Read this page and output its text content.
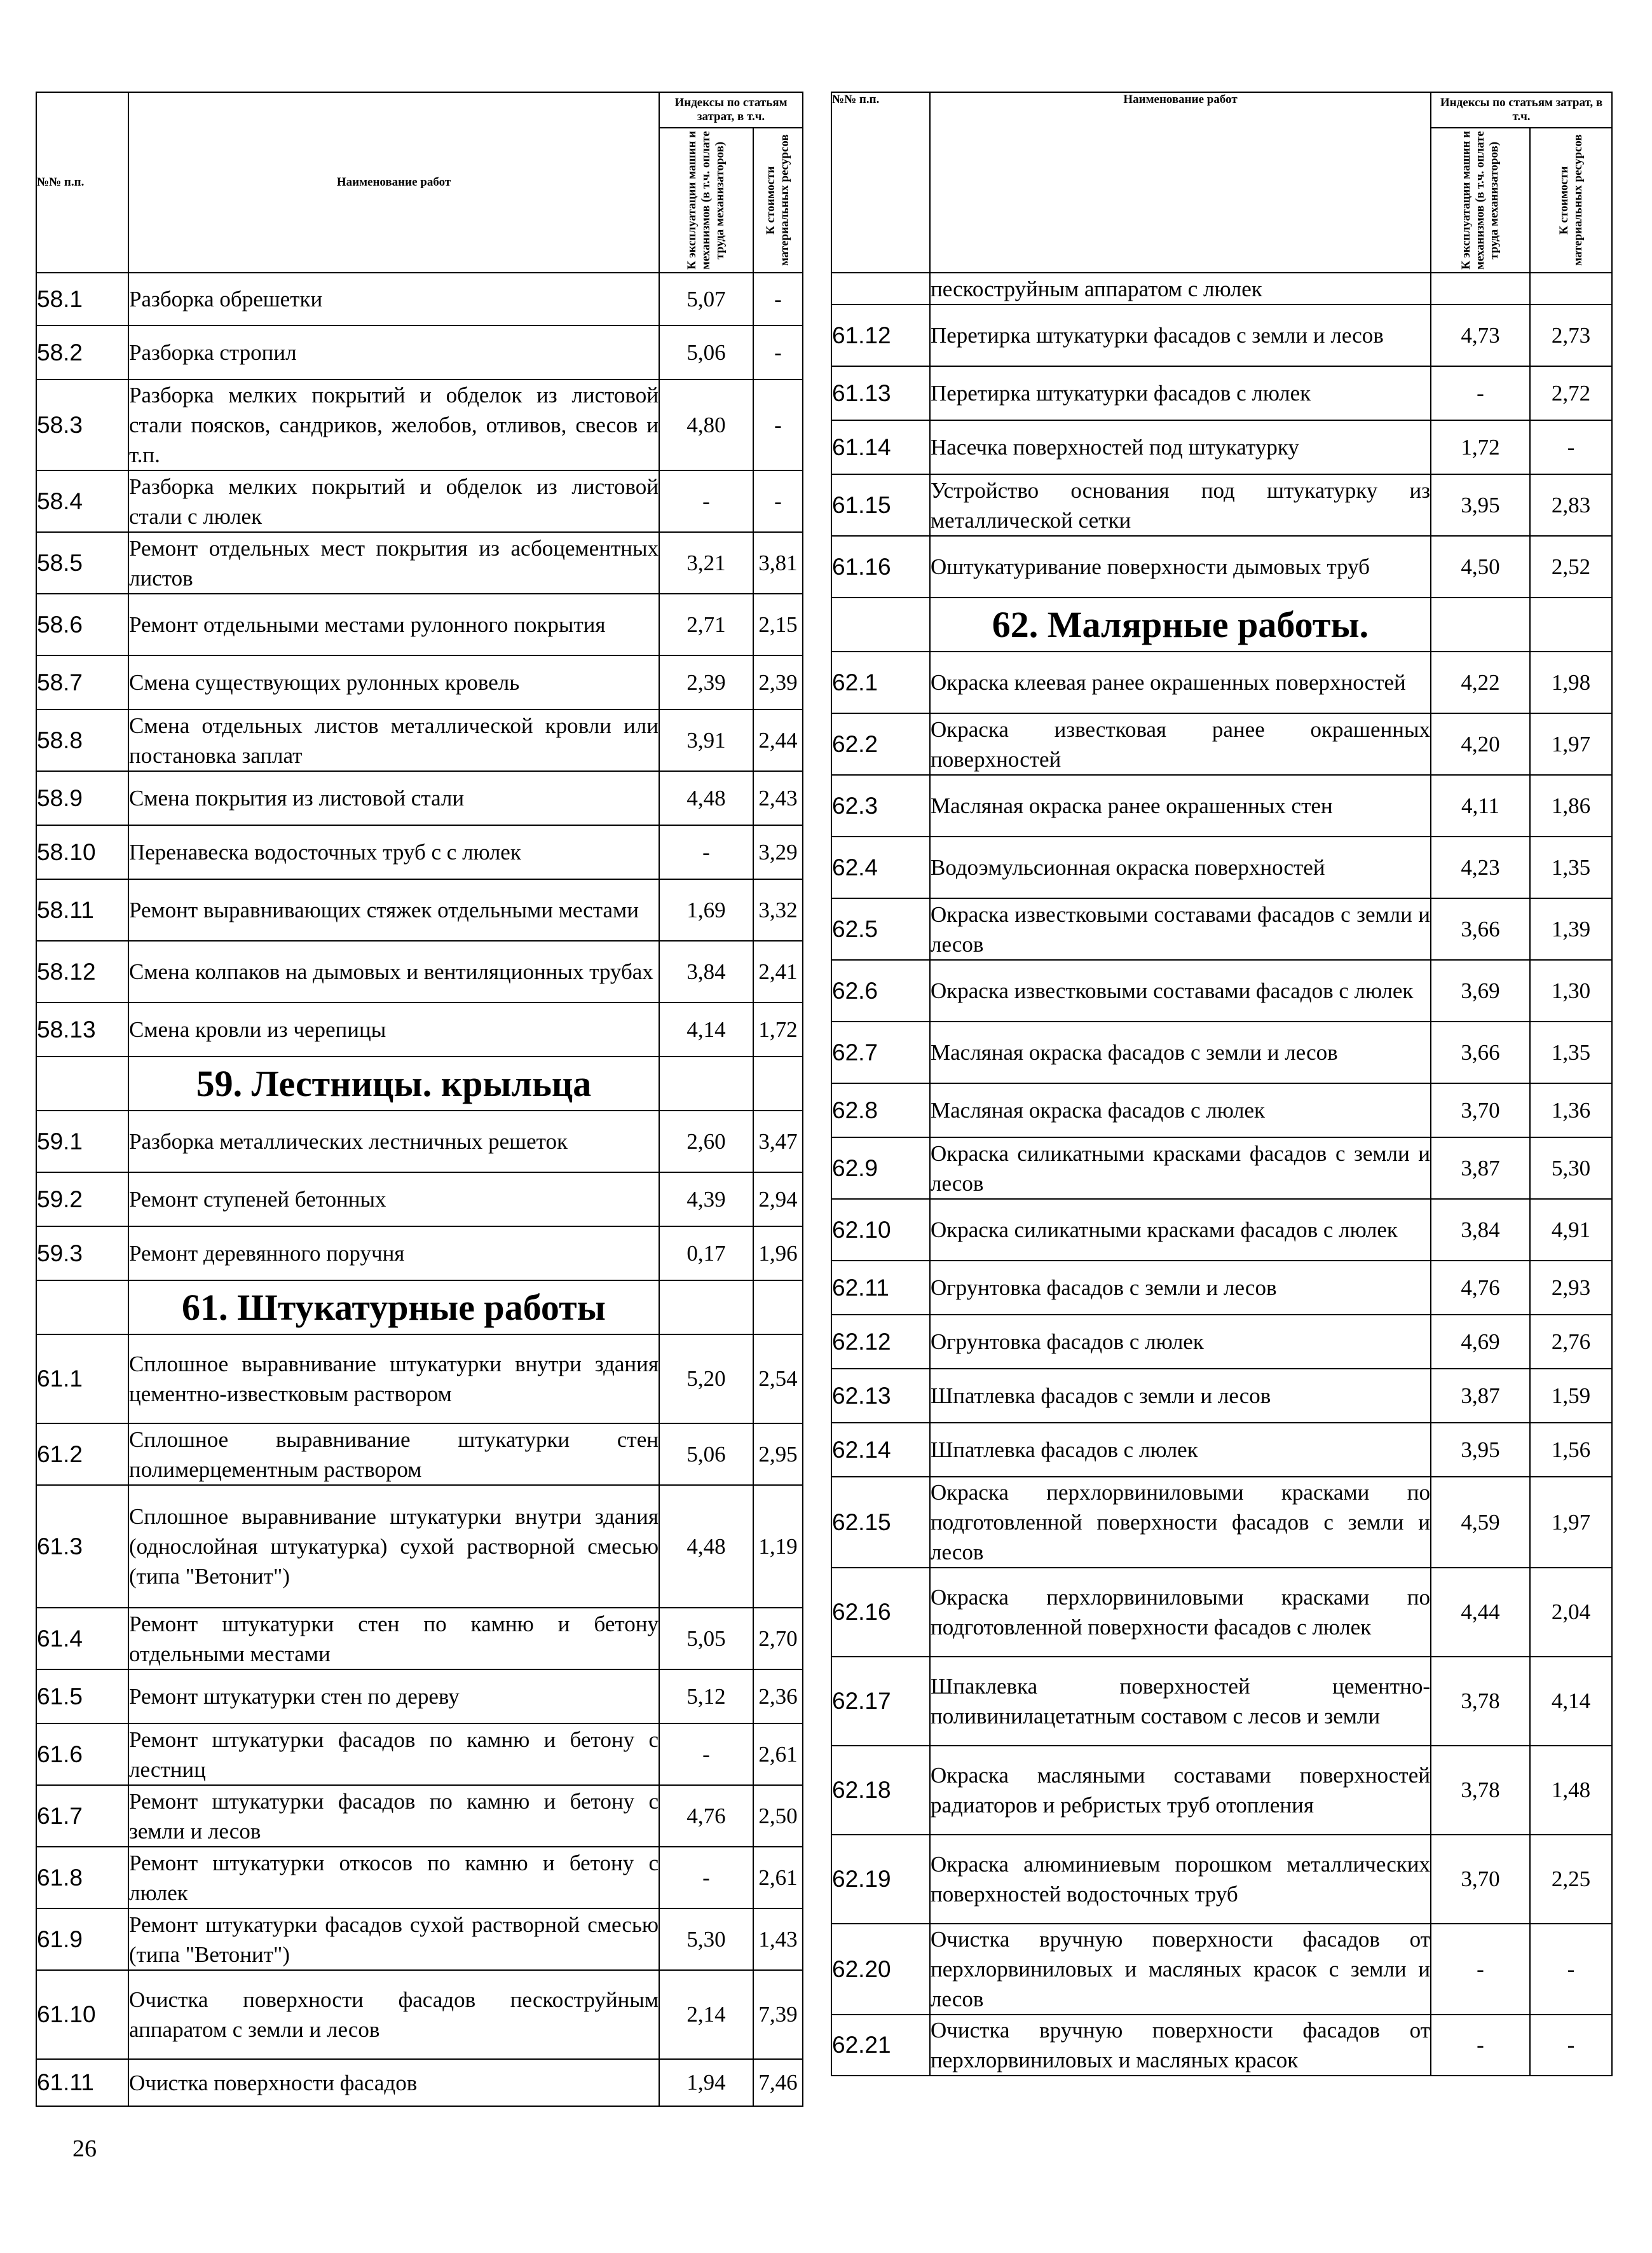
№№ п.п.	Наименование работ	Индексы по статьям затрат, в т.ч.	

		К эксплуатации машин и механизмов (в т.ч. оплате труда механизаторов)	К стоимости материальных ресурсов

58.1	Разборка обрешетки	5,07	-
58.2	Разборка стропил	5,06	-
58.3	Разборка мелких покрытий и обделок из листовой стали поясков, сандриков, желобов, отливов, свесов и т.п.	4,80	-
58.4	Разборка мелких покрытий и обделок из листовой стали с люлек	-	-
58.5	Ремонт отдельных мест покрытия из асбоцементных листов	3,21	3,81
58.6	Ремонт отдельными местами рулонного покрытия	2,71	2,15
58.7	Смена существующих рулонных кровель	2,39	2,39
58.8	Смена отдельных листов металлической кровли или постановка заплат	3,91	2,44
58.9	Смена покрытия из листовой стали	4,48	2,43
58.10	Перенавеска водосточных труб с с люлек	-	3,29
58.11	Ремонт выравнивающих стяжек отдельными местами	1,69	3,32
58.12	Смена колпаков на дымовых и вентиляционных трубах	3,84	2,41
58.13	Смена кровли из черепицы	4,14	1,72
	59. Лестницы. крыльца		
59.1	Разборка металлических лестничных решеток	2,60	3,47
59.2	Ремонт ступеней бетонных	4,39	2,94
59.3	Ремонт деревянного поручня	0,17	1,96
	61. Штукатурные работы		
61.1	Сплошное выравнивание штукатурки внутри здания цементно-известковым раствором	5,20	2,54
61.2	Сплошное выравнивание штукатурки стен полимерцементным раствором	5,06	2,95
61.3	Сплошное выравнивание штукатурки внутри здания (однослойная штукатурка) сухой растворной смесью (типа "Ветонит")	4,48	1,19
61.4	Ремонт штукатурки стен по камню и бетону отдельными местами	5,05	2,70
61.5	Ремонт штукатурки стен по дереву	5,12	2,36
61.6	Ремонт штукатурки фасадов по камню и бетону с лестниц	-	2,61
61.7	Ремонт штукатурки фасадов по камню и бетону с земли и лесов	4,76	2,50
61.8	Ремонт штукатурки откосов по камню и бетону с люлек	-	2,61
61.9	Ремонт штукатурки фасадов сухой растворной смесью (типа "Ветонит")	5,30	1,43
61.10	Очистка поверхности фасадов пескоструйным аппаратом с земли и лесов	2,14	7,39
61.11	Очистка поверхности фасадов	1,94	7,46
№№ п.п.	Наименование работ	Индексы по статьям затрат, в т.ч.	

		К эксплуатации машин и механизмов (в т.ч. оплате труда механизаторов)	К стоимости материальных ресурсов

	пескоструйным аппаратом с люлек		
61.12	Перетирка штукатурки фасадов с земли и лесов	4,73	2,73
61.13	Перетирка штукатурки фасадов с люлек	-	2,72
61.14	Насечка поверхностей под штукатурку	1,72	-
61.15	Устройство основания под штукатурку из металлической сетки	3,95	2,83
61.16	Оштукатуривание поверхности дымовых труб	4,50	2,52
	62. Малярные работы.		
62.1	Окраска клеевая ранее окрашенных поверхностей	4,22	1,98
62.2	Окраска известковая ранее окрашенных поверхностей	4,20	1,97
62.3	Масляная окраска ранее окрашенных стен	4,11	1,86
62.4	Водоэмульсионная окраска поверхностей	4,23	1,35
62.5	Окраска известковыми составами фасадов с земли и лесов	3,66	1,39
62.6	Окраска известковыми составами фасадов с люлек	3,69	1,30
62.7	Масляная окраска фасадов с земли и лесов	3,66	1,35
62.8	Масляная окраска фасадов с люлек	3,70	1,36
62.9	Окраска силикатными красками фасадов с земли и лесов	3,87	5,30
62.10	Окраска силикатными красками фасадов с люлек	3,84	4,91
62.11	Огрунтовка фасадов с земли и лесов	4,76	2,93
62.12	Огрунтовка фасадов с люлек	4,69	2,76
62.13	Шпатлевка фасадов с земли и лесов	3,87	1,59
62.14	Шпатлевка фасадов с люлек	3,95	1,56
62.15	Окраска перхлорвиниловыми красками по подготовленной поверхности фасадов с земли и лесов	4,59	1,97
62.16	Окраска перхлорвиниловыми красками по подготовленной поверхности фасадов с люлек	4,44	2,04
62.17	Шпаклевка поверхностей цементно-поливинилацетатным составом с лесов и земли	3,78	4,14
62.18	Окраска масляными составами поверхностей радиаторов и ребристых труб отопления	3,78	1,48
62.19	Окраска алюминиевым порошком металлических поверхностей водосточных труб	3,70	2,25
62.20	Очистка вручную поверхности фасадов от перхлорвиниловых и масляных красок с земли и лесов	-	-
62.21	Очистка вручную поверхности фасадов от перхлорвиниловых и масляных красок	-	-
26
